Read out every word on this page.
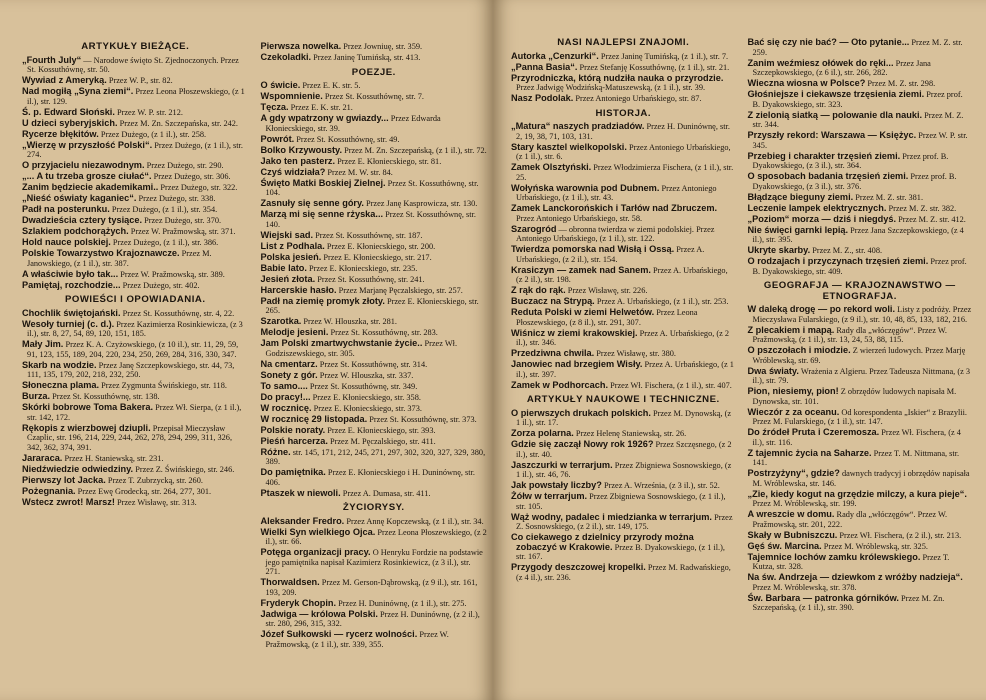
ARTYKUŁY BIEŻĄCE.
„Fourth July“ — Narodowe święto St. Zjednoczonych. Przez St. Kossuthównę, str. 50.
Wywiad z Ameryką. Przez W. P., str. 82.
Nad mogiłą „Syna ziemi“. Przez Leona Płoszewskiego, (z 1 il.), str. 129.
Ś. p. Edward Słoński. Przez W. P. str. 212.
U dzieci syberyjskich. Przez M. Zn. Szczepańska, str. 242.
Rycerze błękitów. Przez Dużego, (z 1 il.), str. 258.
„Wierzę w przyszłość Polski“. Przez Dużego, (z 1 il.), str. 274.
O przyjacielu niezawodnym. Przez Dużego, str. 290.
„... A tu trzeba grosze ciułać“. Przez Dużego, str. 306.
Zanim będziecie akademikami.. Przez Dużego, str. 322.
„Nieść oświaty kaganiec“. Przez Dużego, str. 338.
Padł na posterunku. Przez Dużego, (z 1 il.), str. 354.
Dwadzieścia cztery tysiące. Przez Dużego, str. 370.
Szlakiem podchorążych. Przez W. Pražmowską, str. 371.
Hold nauce polskiej. Przez Dużego, (z 1 il.), str. 386.
Polskie Towarzystwo Krajoznawcze. Przez M. Janowskiego, (z 1 il.), str. 387.
A właściwie było tak... Przez W. Pražmowską, str. 389.
Pamiętaj, rozchodzie... Przez Dużego, str. 402.
POWIEŚCI I OPOWIADANIA.
Chochlik świętojański. Przez St. Kossuthównę, str. 4, 22.
Wesoły turniej (c. d.). Przez Kazimierza Rosinkiewicza, (z 3 il.), str. 8, 27, 54, 89, 120, 151, 185.
Mały Jim. Przez K. A. Czyżowskiego, (z 10 il.), str. 11, 29, 59, 91, 123, 155, 189, 204, 220, 234, 250, 269, 284, 316, 330, 347.
Skarb na wodzie. Przez Janę Szczepkowskiego, str. 44, 73, 111, 135, 179, 202, 218, 232, 250.
Słoneczna plama. Przez Zygmunta Świńskiego, str. 118.
Burza. Przez St. Kossuthównę, str. 138.
Skórki bobrowe Toma Bakera. Przez Wł. Sierpa, (z 1 il.), str. 142, 172.
Rękopis z wierzbowej dziupli. Przepisał Mieczysław Czaplic, str. 196, 214, 229, 244, 262, 278, 294, 299, 311, 326, 342, 362, 374, 391.
Jararaca. Przez H. Staniewską, str. 231.
Niedźwiedzie odwiedziny. Przez Z. Świńskiego, str. 246.
Pierwszy lot Jacka. Przez T. Zubrzycką, str. 260.
Pożegnania. Przez Ewę Grodecką, str. 264, 277, 301.
Wstecz zwrot! Marsz! Przez Wisławę, str. 313.
Pierwsza nowelka. Przez Jowniuę, str. 359.
Czekoladki. Przez Janinę Tumińską, str. 413.
POEZJE.
O świcie. Przez E. K. str. 5.
Wspomnienie. Przez St. Kossuthównę, str. 7.
Tęcza. Przez E. K. str. 21.
A gdy wpatrzony w gwiazdy... Przez Edwarda Kłoniecskiego, str. 39.
Powrót. Przez St. Kossuthównę, str. 49.
Bolko Krzywousty. Przez M. Zn. Szczepańską, (z 1 il.), str. 72.
Jako ten pasterz. Przez E. Kłoniecskiego, str. 81.
Czyś widziała? Przez M. W. str. 84.
Święto Matki Boskiej Zielnej. Przez St. Kossuthównę, str. 104.
Zasnuły się senne góry. Przez Janę Kasprowicza, str. 130.
Marzą mi się senne rżyska... Przez St. Kossuthównę, str. 140.
Wiejski sad. Przez St. Kossuthównę, str. 187.
List z Podhala. Przez E. Kłoniecskiego, str. 200.
Polska jesień. Przez E. Kłoniecskiego, str. 217.
Babie lato. Przez E. Kłoniecskiego, str. 235.
Jesień złota. Przez St. Kossuthównę, str. 241.
Harcerskie hasło. Przez Marjanę Pęczalskiego, str. 257.
Padł na ziemię promyk złoty. Przez E. Kłoniecskiego, str. 265.
Szarotka. Przez W. Hlouszka, str. 281.
Melodje jesieni. Przez St. Kossuthównę, str. 283.
Jam Polski zmartwychwstanie życie.. Przez Wł. Godziszewskiego, str. 305.
Na cmentarz. Przez St. Kossuthównę, str. 314.
Sonety z gór. Przez W. Hlouszka, str. 337.
To samo.... Przez St. Kossuthównę, str. 349.
Do pracy!... Przez E. Kłoniecskiego, str. 358.
W rocznicę. Przez E. Kłoniecskiego, str. 373.
W rocznicę 29 listopada. Przez St. Kossuthównę, str. 373.
Polskie noraty. Przez E. Kłoniecskiego, str. 393.
Pieśń harcerza. Przez M. Pęczalskiego, str. 411.
Różne. str. 145, 171, 212, 245, 271, 297, 302, 320, 327, 329, 380, 389.
Do pamiętnika. Przez E. Kłoniecskiego i H. Duninównę, str. 406.
Ptaszek w niewoli. Przez A. Dumasa, str. 411.
ŻYCIORYSY.
Aleksander Fredro. Przez Annę Kopczewską, (z 1 il.), str. 34.
Wielki Syn wielkiego Ojca. Przez Leona Płoszewskiego, (z 2 il.), str. 66.
Potęga organizacji pracy. O Henryku Fordzie na podstawie jego pamiętnika napisał Kazimierz Rosinkiewicz, (z 3 il.), str. 271.
Thorwaldsen. Przez M. Gerson-Dąbrowską, (z 9 il.), str. 161, 193, 209.
Fryderyk Chopin. Przez H. Duninównę, (z 1 il.), str. 275.
Jadwiga — królowa Polski. Przez H. Duninównę, (z 2 il.), str. 280, 296, 315, 332.
Józef Sułkowski — rycerz wolności. Przez W. Pražmowską, (z 1 il.), str. 339, 355.
NASI NAJLEPSI ZNAJOMI.
Autorka „Cenzurki“. Przez Janinę Tumińską, (z 1 il.), str. 7.
„Panna Basia“. Przez Stefanję Kossuthównę, (z 1 il.), str. 21.
Przyrodniczka, którą nudziła nauka o przyrodzie. Przez Jadwigę Wodzińską-Matuszewską, (z 1 il.), str. 39.
Nasz Podolak. Przez Antoniego Urbańskiego, str. 87.
HISTORJA.
„Matura“ naszych pradziadów. Przez H. Duninównę, str. 2, 19, 38, 71, 103, 131.
Stary kasztel wielkopolski. Przez Antoniego Urbańskiego, (z 1 il.), str. 6.
Zamek Olsztyński. Przez Włodzimierza Fischera, (z 1 il.), str. 25.
Wołyńska warownia pod Dubnem. Przez Antoniego Urbańskiego, (z 1 il.), str. 43.
Zamek Lanckorońskich i Tarłów nad Zbruczem. Przez Antoniego Urbańskiego, str. 58.
Szarogród — obronna twierdza w ziemi podolskiej. Przez Antoniego Urbańskiego, (z 1 il.), str. 122.
Twierdza pomorska nad Wisłą i Ossą. Przez A. Urbańskiego, (z 2 il.), str. 154.
Krasiczyn — zamek nad Sanem. Przez A. Urbańskiego, (z 2 il.), str. 198.
Z rąk do rąk. Przez Wisławę, str. 226.
Buczacz na Strypą. Przez A. Urbańskiego, (z 1 il.), str. 253.
Reduta Polski w ziemi Helwetów. Przez Leona Płoszewskiego, (z 8 il.), str. 291, 307.
Wiśnicz w ziemi krakowskiej. Przez A. Urbańskiego, (z 2 il.), str. 346.
Przedziwna chwila. Przez Wisławę, str. 380.
Janowiec nad brzegiem Wisły. Przez A. Urbańskiego, (z 1 il.), str. 397.
Zamek w Podhorcach. Przez Wł. Fischera, (z 1 il.), str. 407.
ARTYKUŁY NAUKOWE I TECHNICZNE.
O pierwszych drukach polskich. Przez M. Dynowską, (z 1 il.), str. 17.
Zorza polarna. Przez Helenę Staniewską, str. 26.
Gdzie się zaczął Nowy rok 1926? Przez Szczęsnego, (z 2 il.), str. 40.
Jaszczurki w terrarjum. Przez Zbigniewa Sosnowskiego, (z 1 il.), str. 46, 76.
Jak powstały liczby? Przez A. Września, (z 3 il.), str. 52.
Żółw w terrarjum. Przez Zbigniewa Sosnowskiego, (z 1 il.), str. 105.
Wąż wodny, padalec i miedzianka w terrarjum. Przez Z. Sosnowskiego, (z 2 il.), str. 149, 175.
Co ciekawego z dzielnicy przyrody można zobaczyć w Krakowie. Przez B. Dyakowskiego, (z 1 il.), str. 167.
Przygody deszczowej kropelki. Przez M. Radwańskiego, (z 4 il.), str. 236.
Bać się czy nie bać? — Oto pytanie... Przez M. Z. str. 259.
Zanim weźmiesz ołówek do ręki... Przez Jana Szczepkowskiego, (z 6 il.), str. 266, 282.
Wieczna wiosna w Polsce? Przez M. Z. str. 298.
Głośniejsze i ciekawsze trzęsienia ziemi. Przez prof. B. Dyakowskiego, str. 323.
Z zielonią siatką — polowanie dla nauki. Przez M. Z. str. 344.
Przyszły rekord: Warszawa — Księżyc. Przez W. P. str. 345.
Przebieg i charakter trzęsień ziemi. Przez prof. B. Dyakowskiego, (z 3 il.), str. 364.
O sposobach badania trzęsień ziemi. Przez prof. B. Dyakowskiego, (z 3 il.), str. 376.
Błądzące bieguny ziemi. Przez M. Z. str. 381.
Leczenie lampek elektrycznych. Przez M. Z. str. 382.
„Poziom“ morza — dziś i niegdyś. Przez M. Z. str. 412.
Nie święci garnki lepią. Przez Jana Szczepkowskiego, (z 4 il.), str. 395.
Ukryte skarby. Przez M. Z., str. 408.
O rodzajach i przyczynach trzęsień ziemi. Przez prof. B. Dyakowskiego, str. 409.
GEOGRAFJA — KRAJOZNAWSTWO — ETNOGRAFJA.
W daleką drogę — po rekord woli. Listy z podróży. Przez Mieczysława Fularskiego, (z 9 il.), str. 10, 48, 85, 133, 182, 216.
Z plecakiem i mapą. Rady dla „włóczęgów“. Przez W. Pražmowską, (z 1 il.), str. 13, 24, 53, 88, 115.
O pszczołach i miodzie. Z wierzeń ludowych. Przez Marję Wróblewską, str. 69.
Dwa światy. Wrażenia z Algieru. Przez Tadeusza Nittmana, (z 3 il.), str. 79.
Pion, niesiemy, pion! Z obrzędów ludowych napisała M. Dynowska, str. 101.
Wieczór z za oceanu. Od korespondenta „Iskier“ z Brazylii. Przez M. Fularskiego, (z 1 il.), str. 147.
Do źródeł Pruta i Czeremosza. Przez Wł. Fischera, (z 4 il.), str. 116.
Z tajemnic życia na Saharze. Przez T. M. Nittmana, str. 141.
Postrzyżyny“, gdzie? dawnych tradycyj i obrzędów napisała M. Wróblewska, str. 146.
„Zie, kiedy kogut na grzędzie milczy, a kura pieje“. Przez M. Wróblewską, str. 199.
A wreszcie w domu. Rady dla „włóczęgów“. Przez W. Pražmowską, str. 201, 222.
Skały w Bubniszczu. Przez Wł. Fischera, (z 2 il.), str. 213.
Gęś św. Marcina. Przez M. Wróblewską, str. 325.
Tajemnice lochów zamku królewskiego. Przez T. Kutza, str. 328.
Na św. Andrzeja — dziewkom z wróżby nadzieja“. Przez M. Wróblewską, str. 378.
Św. Barbara — patronka górników. Przez M. Zn. Szczepańską, (z 1 il.), str. 390.
